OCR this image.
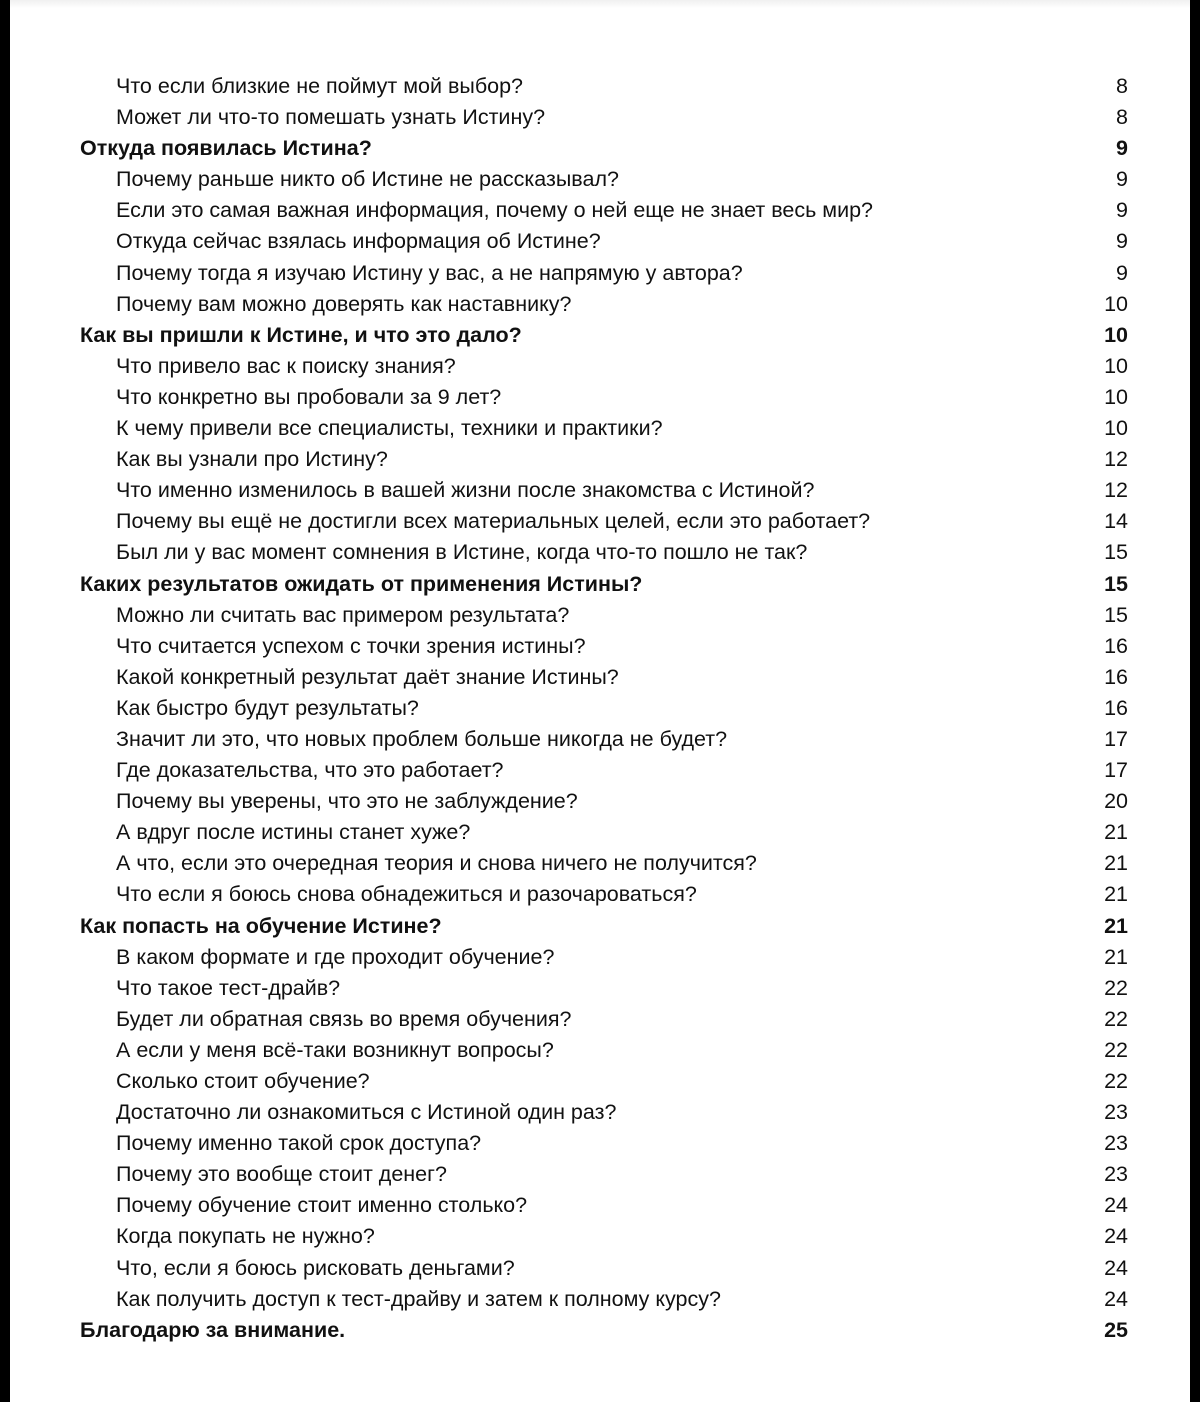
Что если близкие не поймут мой выбор?	8
Может ли что-то помешать узнать Истину?	8
Откуда появилась Истина?	9
Почему раньше никто об Истине не рассказывал?	9
Если это самая важная информация, почему о ней еще не знает весь мир?	9
Откуда сейчас взялась информация об Истине?	9
Почему тогда я изучаю Истину у вас, а не напрямую у автора?	9
Почему вам можно доверять как наставнику?	10
Как вы пришли к Истине, и что это дало?	10
Что привело вас к поиску знания?	10
Что конкретно вы пробовали за 9 лет?	10
К чему привели все специалисты, техники и практики?	10
Как вы узнали про Истину?	12
Что именно изменилось в вашей жизни после знакомства с Истиной?	12
Почему вы ещё не достигли всех материальных целей, если это работает?	14
Был ли у вас момент сомнения в Истине, когда что-то пошло не так?	15
Каких результатов ожидать от применения Истины?	15
Можно ли считать вас примером результата?	15
Что считается успехом с точки зрения истины?	16
Какой конкретный результат даёт знание Истины?	16
Как быстро будут результаты?	16
Значит ли это, что новых проблем больше никогда не будет?	17
Где доказательства, что это работает?	17
Почему вы уверены, что это не заблуждение?	20
А вдруг после истины станет хуже?	21
А что, если это очередная теория и снова ничего не получится?	21
Что если я боюсь снова обнадежиться и разочароваться?	21
Как попасть на обучение Истине?	21
В каком формате и где проходит обучение?	21
Что такое тест-драйв?	22
Будет ли обратная связь во время обучения?	22
А если у меня всё-таки возникнут вопросы?	22
Сколько стоит обучение?	22
Достаточно ли ознакомиться с Истиной один раз?	23
Почему именно такой срок доступа?	23
Почему это вообще стоит денег?	23
Почему обучение стоит именно столько?	24
Когда покупать не нужно?	24
Что, если я боюсь рисковать деньгами?	24
Как получить доступ к тест-драйву и затем к полному курсу?	24
Благодарю за внимание.	25
